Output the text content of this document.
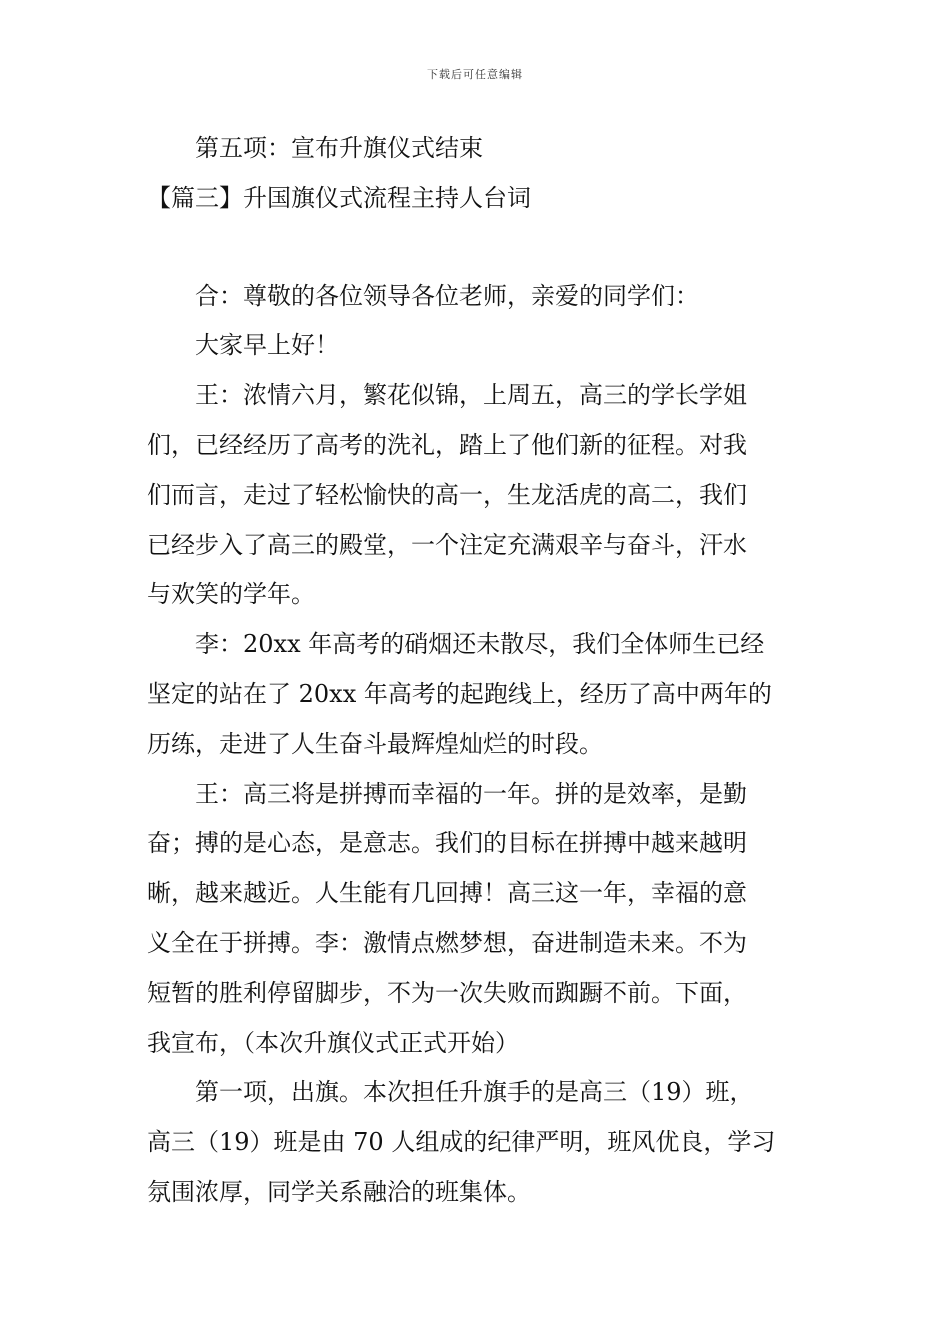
下载后可任意编辑
第五项：宣布升旗仪式结束
【篇三】升国旗仪式流程主持人台词
合：尊敬的各位领导各位老师，亲爱的同学们：
大家早上好！
王：浓情六月，繁花似锦，上周五，高三的学长学姐
们，已经经历了高考的洗礼，踏上了他们新的征程。对我
们而言，走过了轻松愉快的高一，生龙活虎的高二，我们
已经步入了高三的殿堂，一个注定充满艰辛与奋斗，汗水
与欢笑的学年。
李：20xx 年高考的硝烟还未散尽，我们全体师生已经
坚定的站在了 20xx 年高考的起跑线上，经历了高中两年的
历练，走进了人生奋斗最辉煌灿烂的时段。
王：高三将是拼搏而幸福的一年。拼的是效率，是勤
奋；搏的是心态，是意志。我们的目标在拼搏中越来越明
晰，越来越近。人生能有几回搏！高三这一年，幸福的意
义全在于拼搏。李：激情点燃梦想，奋进制造未来。不为
短暂的胜利停留脚步，不为一次失败而踟蹰不前。下面，
我宣布，（本次升旗仪式正式开始）
第一项，出旗。本次担任升旗手的是高三（19）班，
高三（19）班是由 70 人组成的纪律严明，班风优良，学习
氛围浓厚，同学关系融洽的班集体。
